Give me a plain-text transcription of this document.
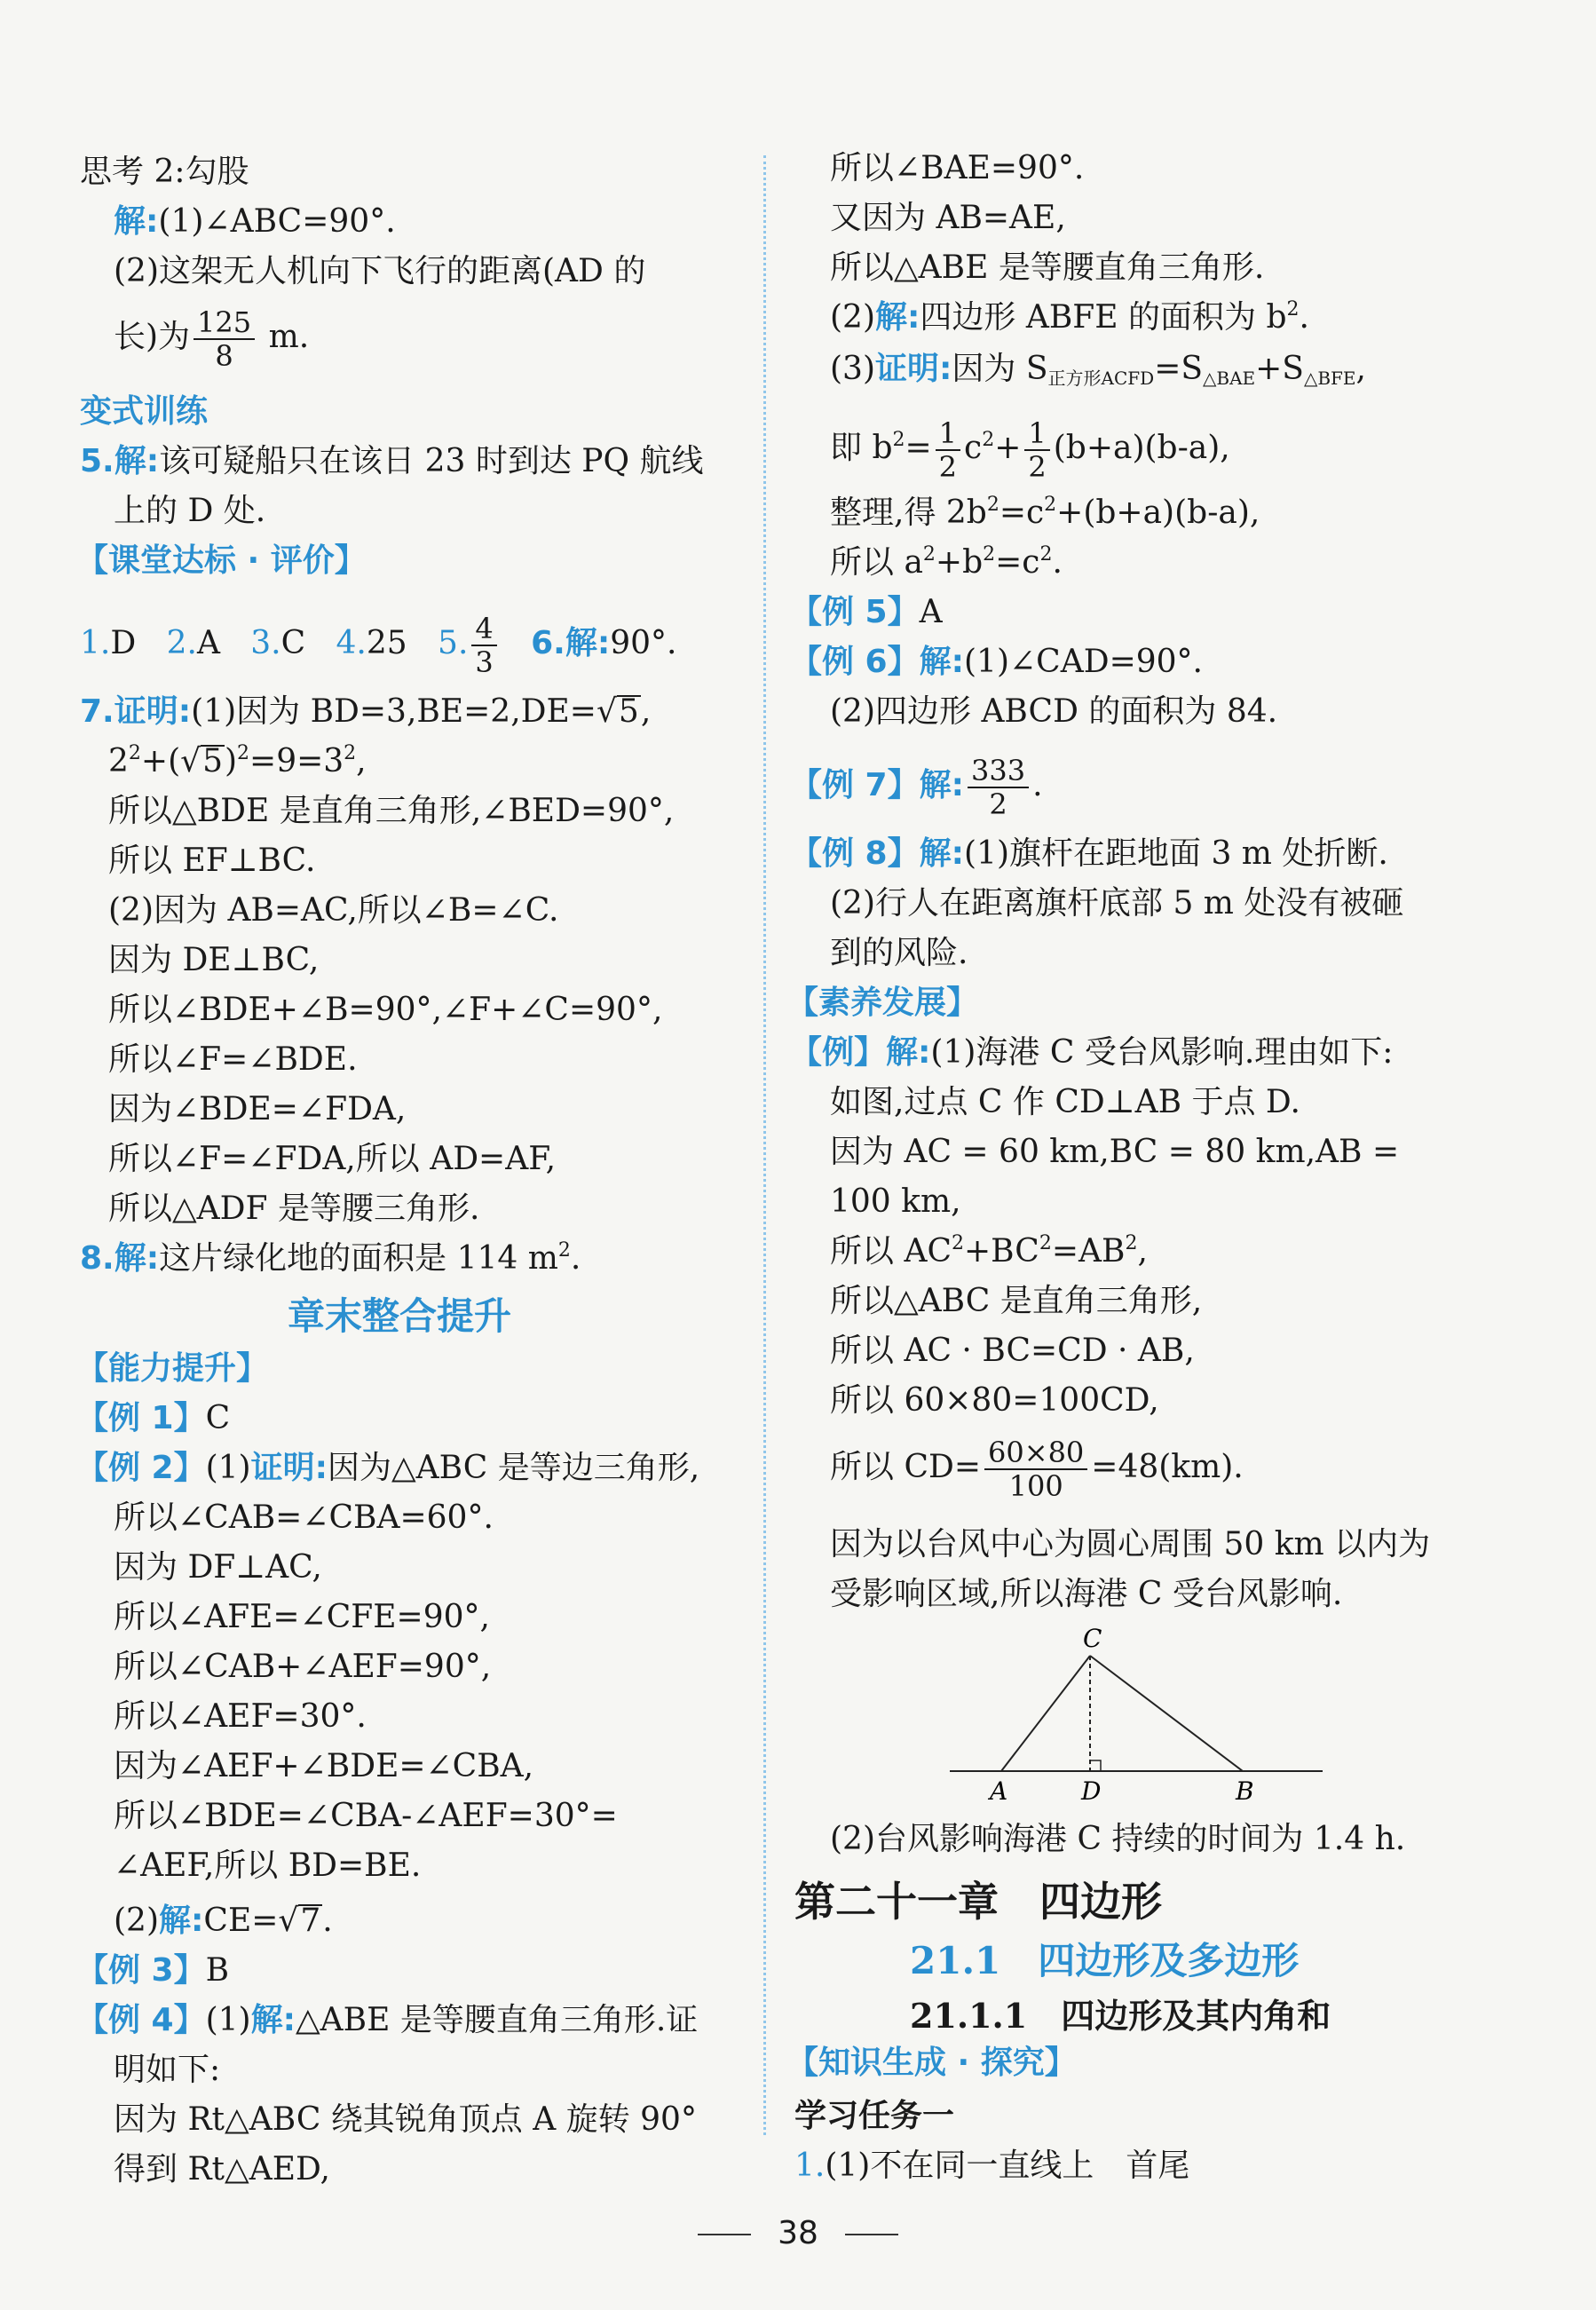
思考 2:勾股
解:(1)∠ABC=90°.
(2)这架无人机向下飞行的距离(AD 的
长)为 $\frac{125}{8} m$.
变式训练
5.解:该可疑船只在该日 23 时到达 PQ 航线
上的 D 处.
【课堂达标 · 评价】
1.D 2.A 3.C 4.25 5. $\frac{4}{3} 6$.解:90°.
7.证明:(1)因为 BD=3,BE=2,DE=√5,
$2^2+(√5)^2=9=3^2$,
所以△BDE 是直角三角形,∠BED=90°,
所以 EF⊥BC.
(2)因为 AB=AC,所以∠B=∠C.
因为 DE⊥BC,
所以∠BDE+∠B=90°,∠F+∠C=90°,
所以∠F=∠BDE.
因为∠BDE=∠FDA,
所以∠F=∠FDA,所以 AD=AF,
所以△ADF 是等腰三角形.
8.解:这片绿化地的面积是 114 $m^2$.
章末整合提升
【能力提升】
【例 1】C
【例 2】(1)证明:因为△ABC 是等边三角形,
所以∠CAB=∠CBA=60°.
因为 DF⊥AC,
所以∠AFE=∠CFE=90°,
所以∠CAB+∠AEF=90°,
所以∠AEF=30°.
因为∠AEF+∠BDE=∠CBA,
所以∠BDE=∠CBA-∠AEF=30°=
∠AEF,所以 BD=BE.
(2)解:CE=√7.
【例 3】B
【例 4】(1)解:△ABE 是等腰直角三角形.证
明如下:
因为 Rt△ABC 绕其锐角顶点 A 旋转 90°
得到 Rt△AED,
所以∠BAE=90°.
又因为 AB=AE,
所以△ABE 是等腰直角三角形.
(2)解:四边形 ABFE 的面积为 $b^2$.
(3)证明:因为 $S_{正方形ACFD}=S_{\triangle BAE}+S_{\triangle BFE}$,
即 $b^2= \frac{1}{2} c^2+ \frac{1}{2} (b+a)(b-a)$,
整理,得 $2b^2=c^2+(b+a)(b-a)$,
所以 $a^2+b^2=c^2$.
【例 5】A
【例 6】解:(1)∠CAD=90°.
(2)四边形 ABCD 的面积为 84.
【例 7】解: $\frac{333}{2}$ .
【例 8】解:(1)旗杆在距地面 3 m 处折断.
(2)行人在距离旗杆底部 5 m 处没有被砸
到的风险.
【素养发展】
【例】解:(1)海港 C 受台风影响.理由如下:
如图,过点 C 作 CD⊥AB 于点 D.
因为 AC = 60 km,BC = 80 km,AB =
100 km,
所以 $AC^2+BC^2=AB^2$,
所以△ABC 是直角三角形,
所以 AC · BC=CD · AB,
所以 60×80=100CD,
所以 $CD= \frac{60\times 80}{100} =48(km)$.
因为以台风中心为圆心周围 50 km 以内为
受影响区域,所以海港 C 受台风影响.
C
A	D	B
(2)台风影响海港 C 持续的时间为 1.4 h.
第二十一章　四边形
21.1　四边形及多边形
21.1.1　四边形及其内角和
【知识生成 · 探究】
学习任务一
1.(1)不在同一直线上　首尾
38
